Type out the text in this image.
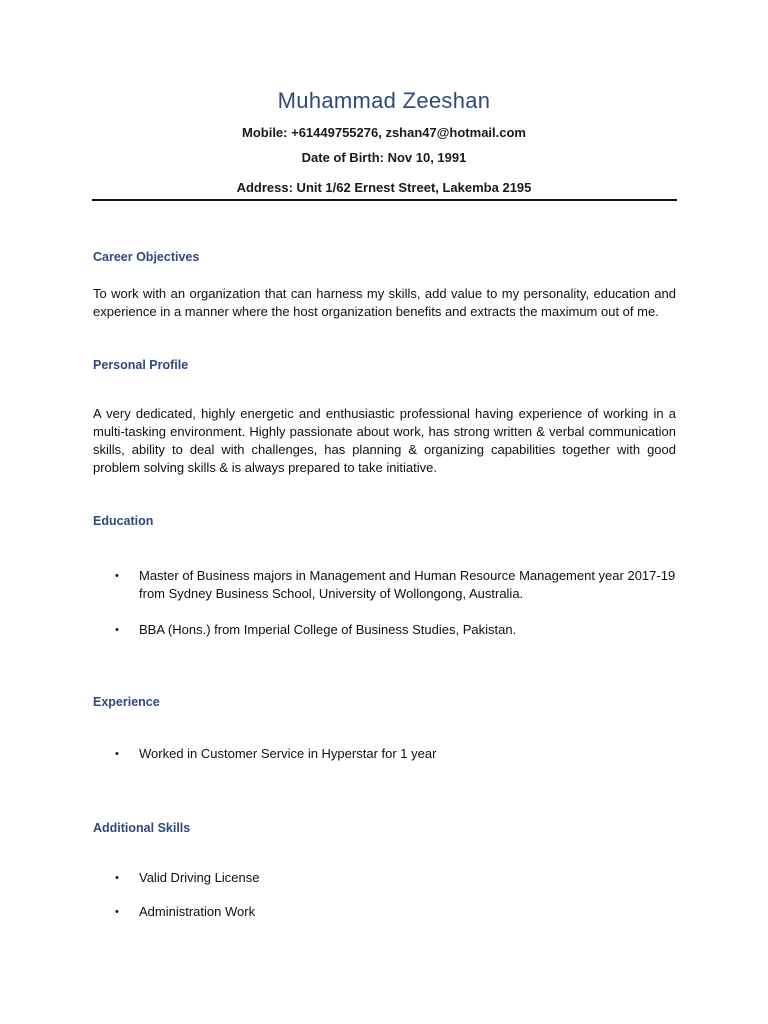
Muhammad Zeeshan
Mobile: +61449755276, zshan47@hotmail.com
Date of Birth: Nov 10, 1991
Address: Unit 1/62 Ernest Street, Lakemba 2195
Career Objectives
To work with an organization that can harness my skills, add value to my personality, education and experience in a manner where the host organization benefits and extracts the maximum out of me.
Personal Profile
A very dedicated, highly energetic and enthusiastic professional having experience of working in a multi-tasking environment. Highly passionate about work, has strong written & verbal communication skills, ability to deal with challenges, has planning & organizing capabilities together with good problem solving skills & is always prepared to take initiative.
Education
• Master of Business majors in Management and Human Resource Management year 2017-19 from Sydney Business School, University of Wollongong, Australia.
• BBA (Hons.) from Imperial College of Business Studies, Pakistan.
Experience
• Worked in Customer Service in Hyperstar for 1 year
Additional Skills
• Valid Driving License
• Administration Work
